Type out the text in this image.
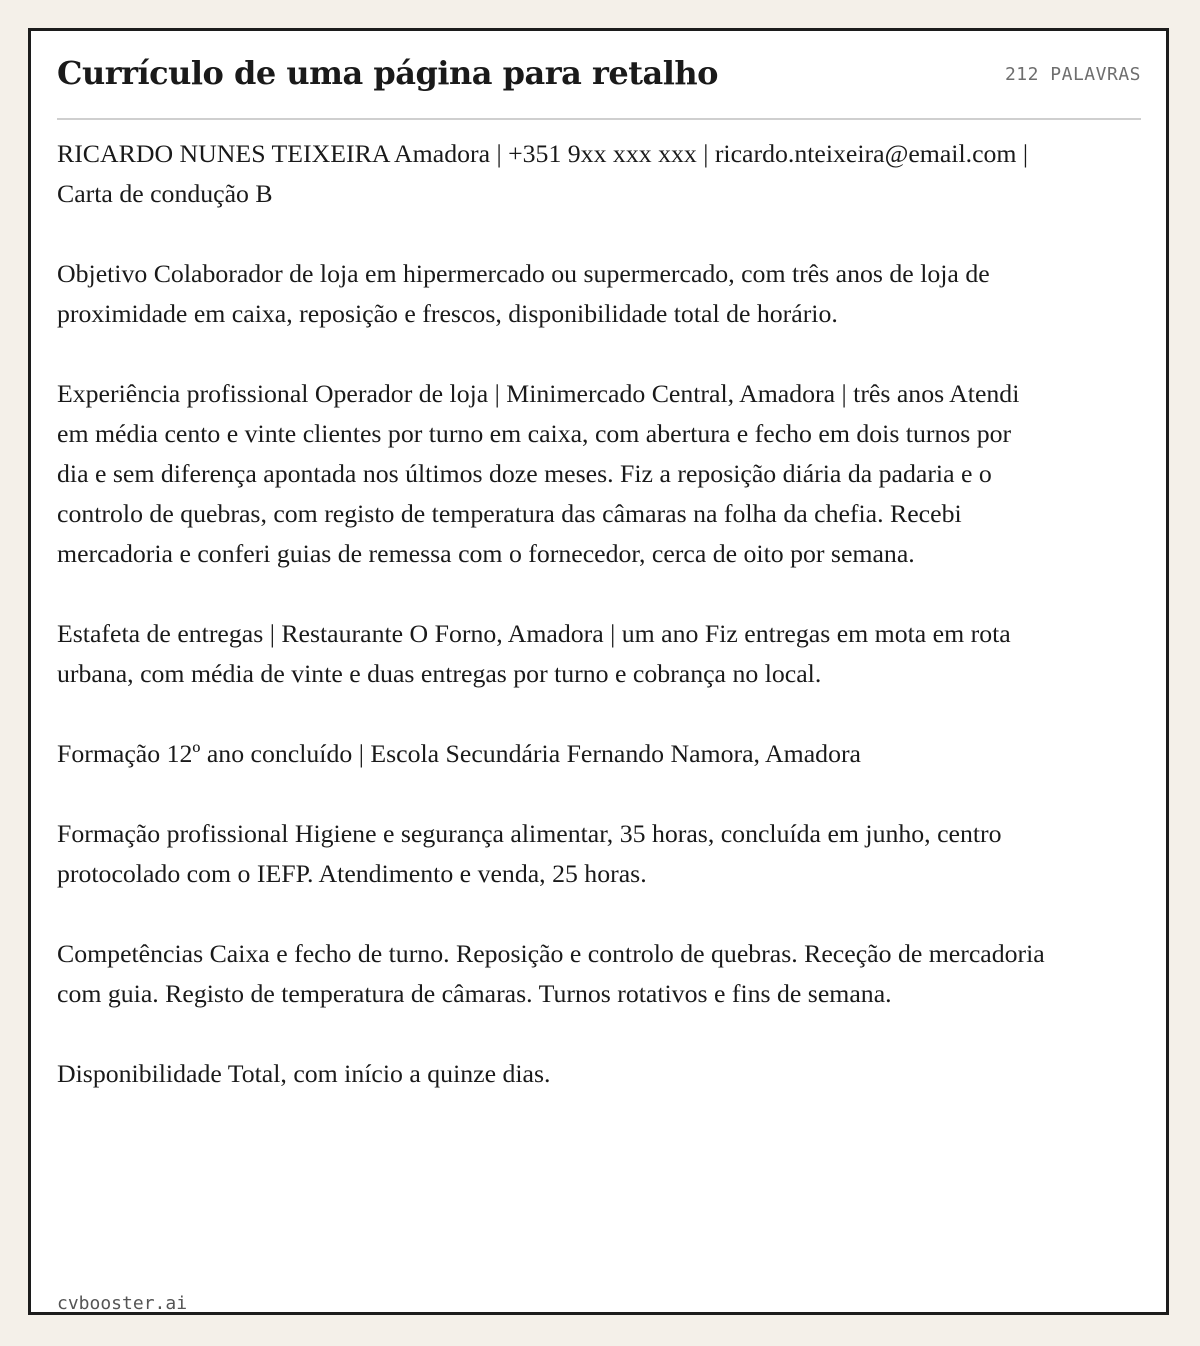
Currículo de uma página para retalho	212 PALAVRAS

RICARDO NUNES TEIXEIRA Amadora | +351 9xx xxx xxx | ricardo.nteixeira@email.com | Carta de condução B

Objetivo Colaborador de loja em hipermercado ou supermercado, com três anos de loja de proximidade em caixa, reposição e frescos, disponibilidade total de horário.

Experiência profissional Operador de loja | Minimercado Central, Amadora | três anos Atendi em média cento e vinte clientes por turno em caixa, com abertura e fecho em dois turnos por dia e sem diferença apontada nos últimos doze meses. Fiz a reposição diária da padaria e o controlo de quebras, com registo de temperatura das câmaras na folha da chefia. Recebi mercadoria e conferi guias de remessa com o fornecedor, cerca de oito por semana.

Estafeta de entregas | Restaurante O Forno, Amadora | um ano Fiz entregas em mota em rota urbana, com média de vinte e duas entregas por turno e cobrança no local.

Formação 12º ano concluído | Escola Secundária Fernando Namora, Amadora

Formação profissional Higiene e segurança alimentar, 35 horas, concluída em junho, centro protocolado com o IEFP. Atendimento e venda, 25 horas.

Competências Caixa e fecho de turno. Reposição e controlo de quebras. Receção de mercadoria com guia. Registo de temperatura de câmaras. Turnos rotativos e fins de semana.

Disponibilidade Total, com início a quinze dias.

cvbooster.ai
